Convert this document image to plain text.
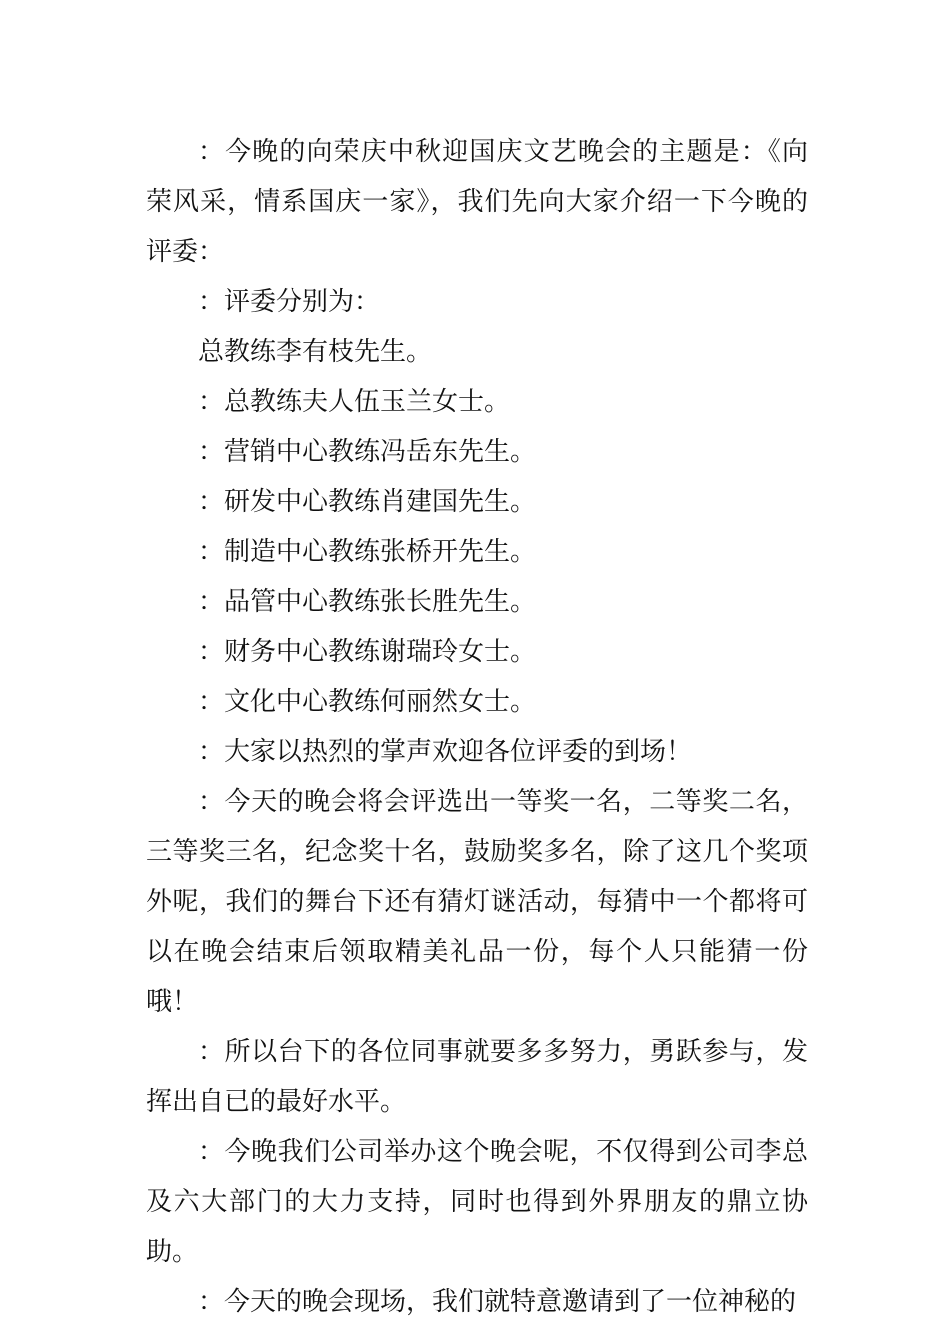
：今晚的向荣庆中秋迎国庆文艺晚会的主题是：《向荣风采，情系国庆一家》，我们先向大家介绍一下今晚的评委：

：评委分别为：

总教练李有枝先生。

：总教练夫人伍玉兰女士。

：营销中心教练冯岳东先生。

：研发中心教练肖建国先生。

：制造中心教练张桥开先生。

：品管中心教练张长胜先生。

：财务中心教练谢瑞玲女士。

：文化中心教练何丽然女士。

：大家以热烈的掌声欢迎各位评委的到场！

：今天的晚会将会评选出一等奖一名，二等奖二名，三等奖三名，纪念奖十名，鼓励奖多名，除了这几个奖项外呢，我们的舞台下还有猜灯谜活动，每猜中一个都将可以在晚会结束后领取精美礼品一份，每个人只能猜一份哦！

：所以台下的各位同事就要多多努力，勇跃参与，发挥出自已的最好水平。

：今晚我们公司举办这个晚会呢，不仅得到公司李总及六大部门的大力支持，同时也得到外界朋友的鼎立协助。

：今天的晚会现场，我们就特意邀请到了一位神秘的
